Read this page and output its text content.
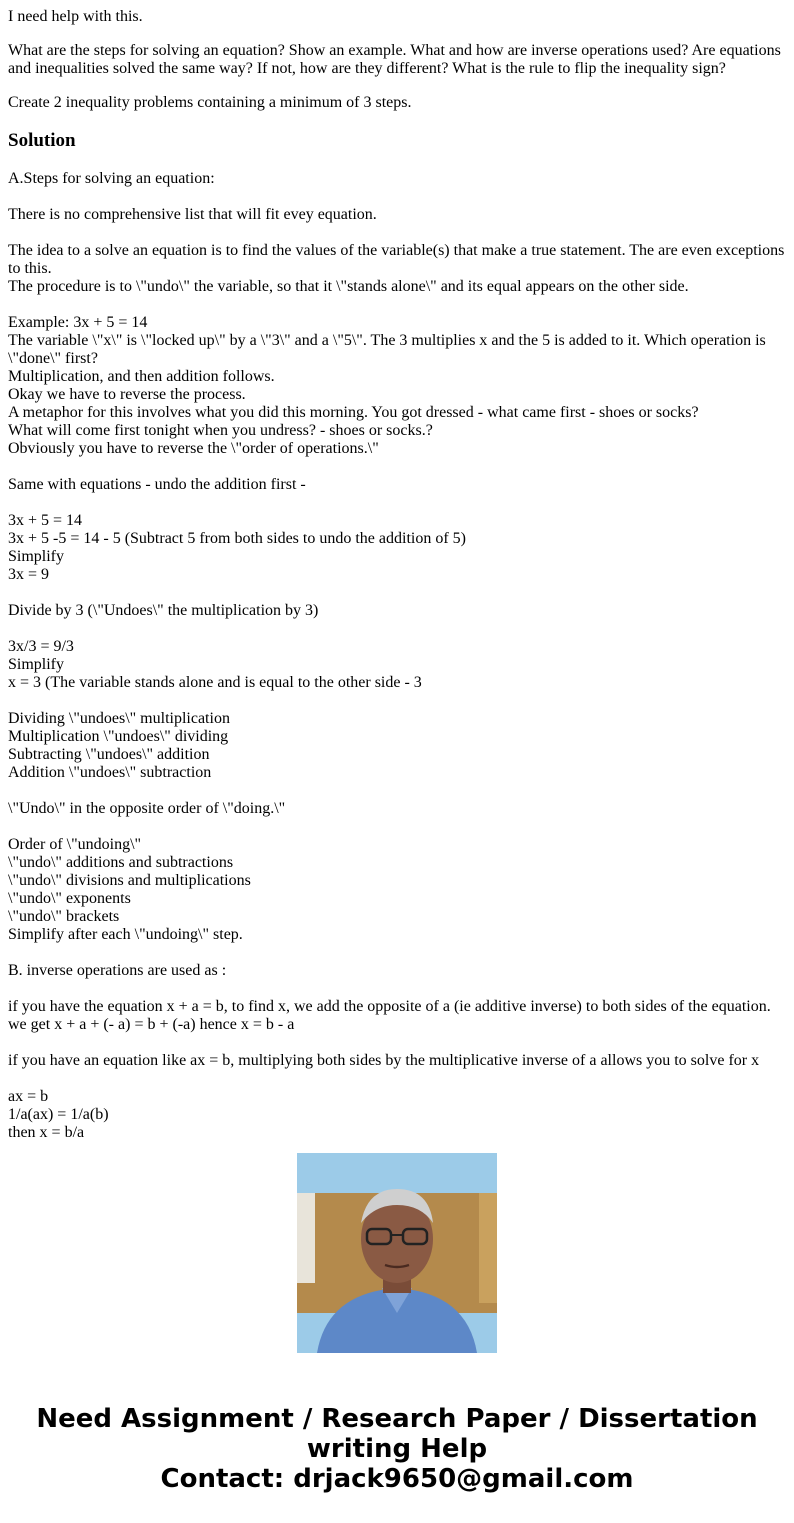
I need help with this.

What are the steps for solving an equation? Show an example. What and how are inverse operations used? Are equations and inequalities solved the same way? If not, how are they different? What is the rule to flip the inequality sign?

Create 2 inequality problems containing a minimum of 3 steps.

Solution
A.Steps for solving an equation:
There is no comprehensive list that will fit evey equation.
The idea to a solve an equation is to find the values of the variable(s) that make a true statement. The are even exceptions to this.
The procedure is to \"undo\" the variable, so that it \"stands alone\" and its equal appears on the other side.
Example: 3x + 5 = 14
The variable \"x\" is \"locked up\" by a \"3\" and a \"5\". The 3 multiplies x and the 5 is added to it. Which operation is \"done\" first?
Multiplication, and then addition follows.
Okay we have to reverse the process.
A metaphor for this involves what you did this morning. You got dressed - what came first - shoes or socks?
What will come first tonight when you undress? - shoes or socks.?
Obviously you have to reverse the \"order of operations.\"
Same with equations - undo the addition first -
3x + 5 = 14
3x + 5 -5 = 14 - 5 (Subtract 5 from both sides to undo the addition of 5)
Simplify
3x = 9
Divide by 3 (\"Undoes\" the multiplication by 3)
3x/3 = 9/3
Simplify
x = 3 (The variable stands alone and is equal to the other side - 3
Dividing \"undoes\" multiplication
Multiplication \"undoes\" dividing
Subtracting \"undoes\" addition
Addition \"undoes\" subtraction
\"Undo\" in the opposite order of \"doing.\"
Order of \"undoing\"
\"undo\" additions and subtractions
\"undo\" divisions and multiplications
\"undo\" exponents
\"undo\" brackets
Simplify after each \"undoing\" step.
B. inverse operations are used as :
if you have the equation x + a = b, to find x, we add the opposite of a (ie additive inverse) to both sides of the equation.
we get x + a + (- a) = b + (-a) hence x = b - a
if you have an equation like ax = b, multiplying both sides by the multiplicative inverse of a allows you to solve for x
ax = b
1/a(ax) = 1/a(b)
then x = b/a
Need Assignment / Research Paper / Dissertation
writing Help
Contact: drjack9650@gmail.com
